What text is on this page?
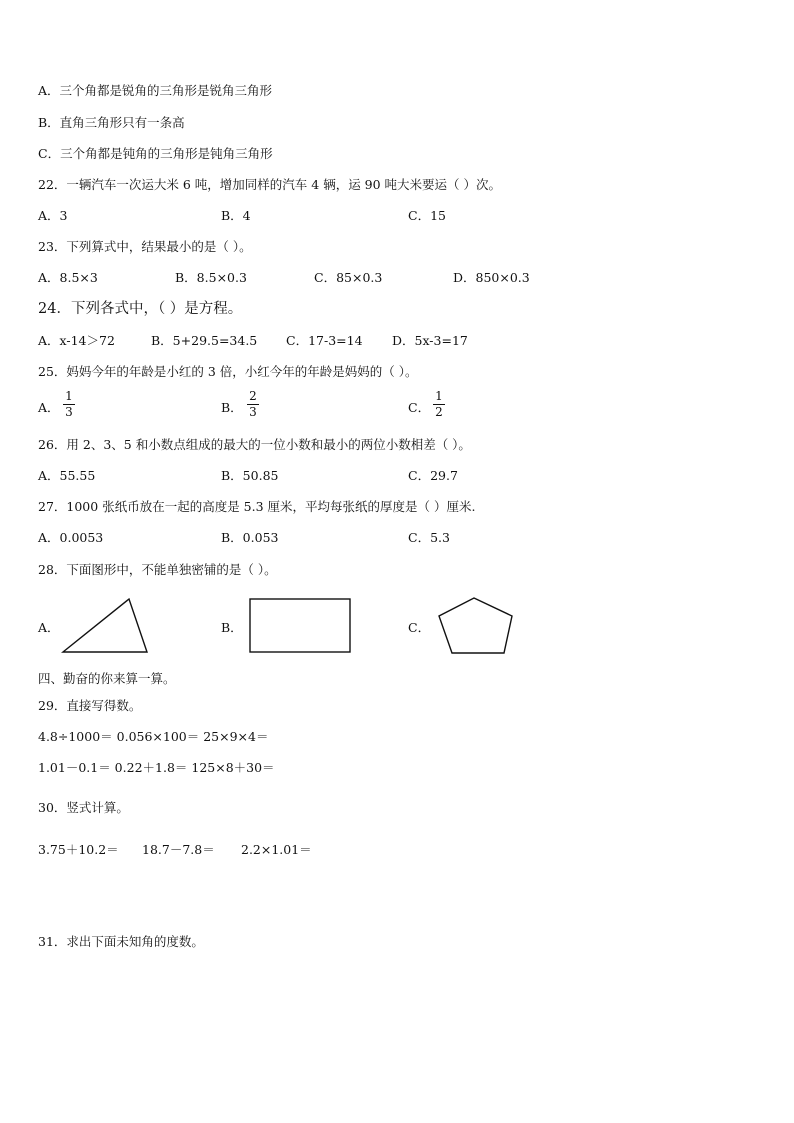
A．三个角都是锐角的三角形是锐角三角形
B．直角三角形只有一条高
C．三个角都是钝角的三角形是钝角三角形
22．一辆汽车一次运大米 6 吨，增加同样的汽车 4 辆，运 90 吨大米要运（ ）次。
A．3	B．4	C．15
23．下列算式中，结果最小的是（ ）。
A．8.5×3	B．8.5×0.3	C．85×0.3	D．850×0.3
24．下列各式中，（ ）是方程。
A．x-14＞72	B．5+29.5=34.5 C．17-3=14 D．5x-3=17
25．妈妈今年的年龄是小红的 3 倍，小红今年的年龄是妈妈的（ ）。
A．
1
3	B．
2
3	C．
1
2
26．用 2、3、5 和小数点组成的最大的一位小数和最小的两位小数相差（ ）。
A．55.55	B．50.85	C．29.7
27．1000 张纸币放在一起的高度是 5.3 厘米，平均每张纸的厚度是（ ）厘米.
A．0.0053	B．0.053	C．5.3
28．下面图形中，不能单独密铺的是（ ）。
A．	B．	C．
四、勤奋的你来算一算。
29．直接写得数。
4.8÷1000＝ 0.056×100＝ 25×9×4＝
1.01－0.1＝ 0.22＋1.8＝ 125×8＋30＝
30．竖式计算。
3.75＋10.2＝ 18.7－7.8＝ 2.2×1.01＝
31．求出下面未知角的度数。
